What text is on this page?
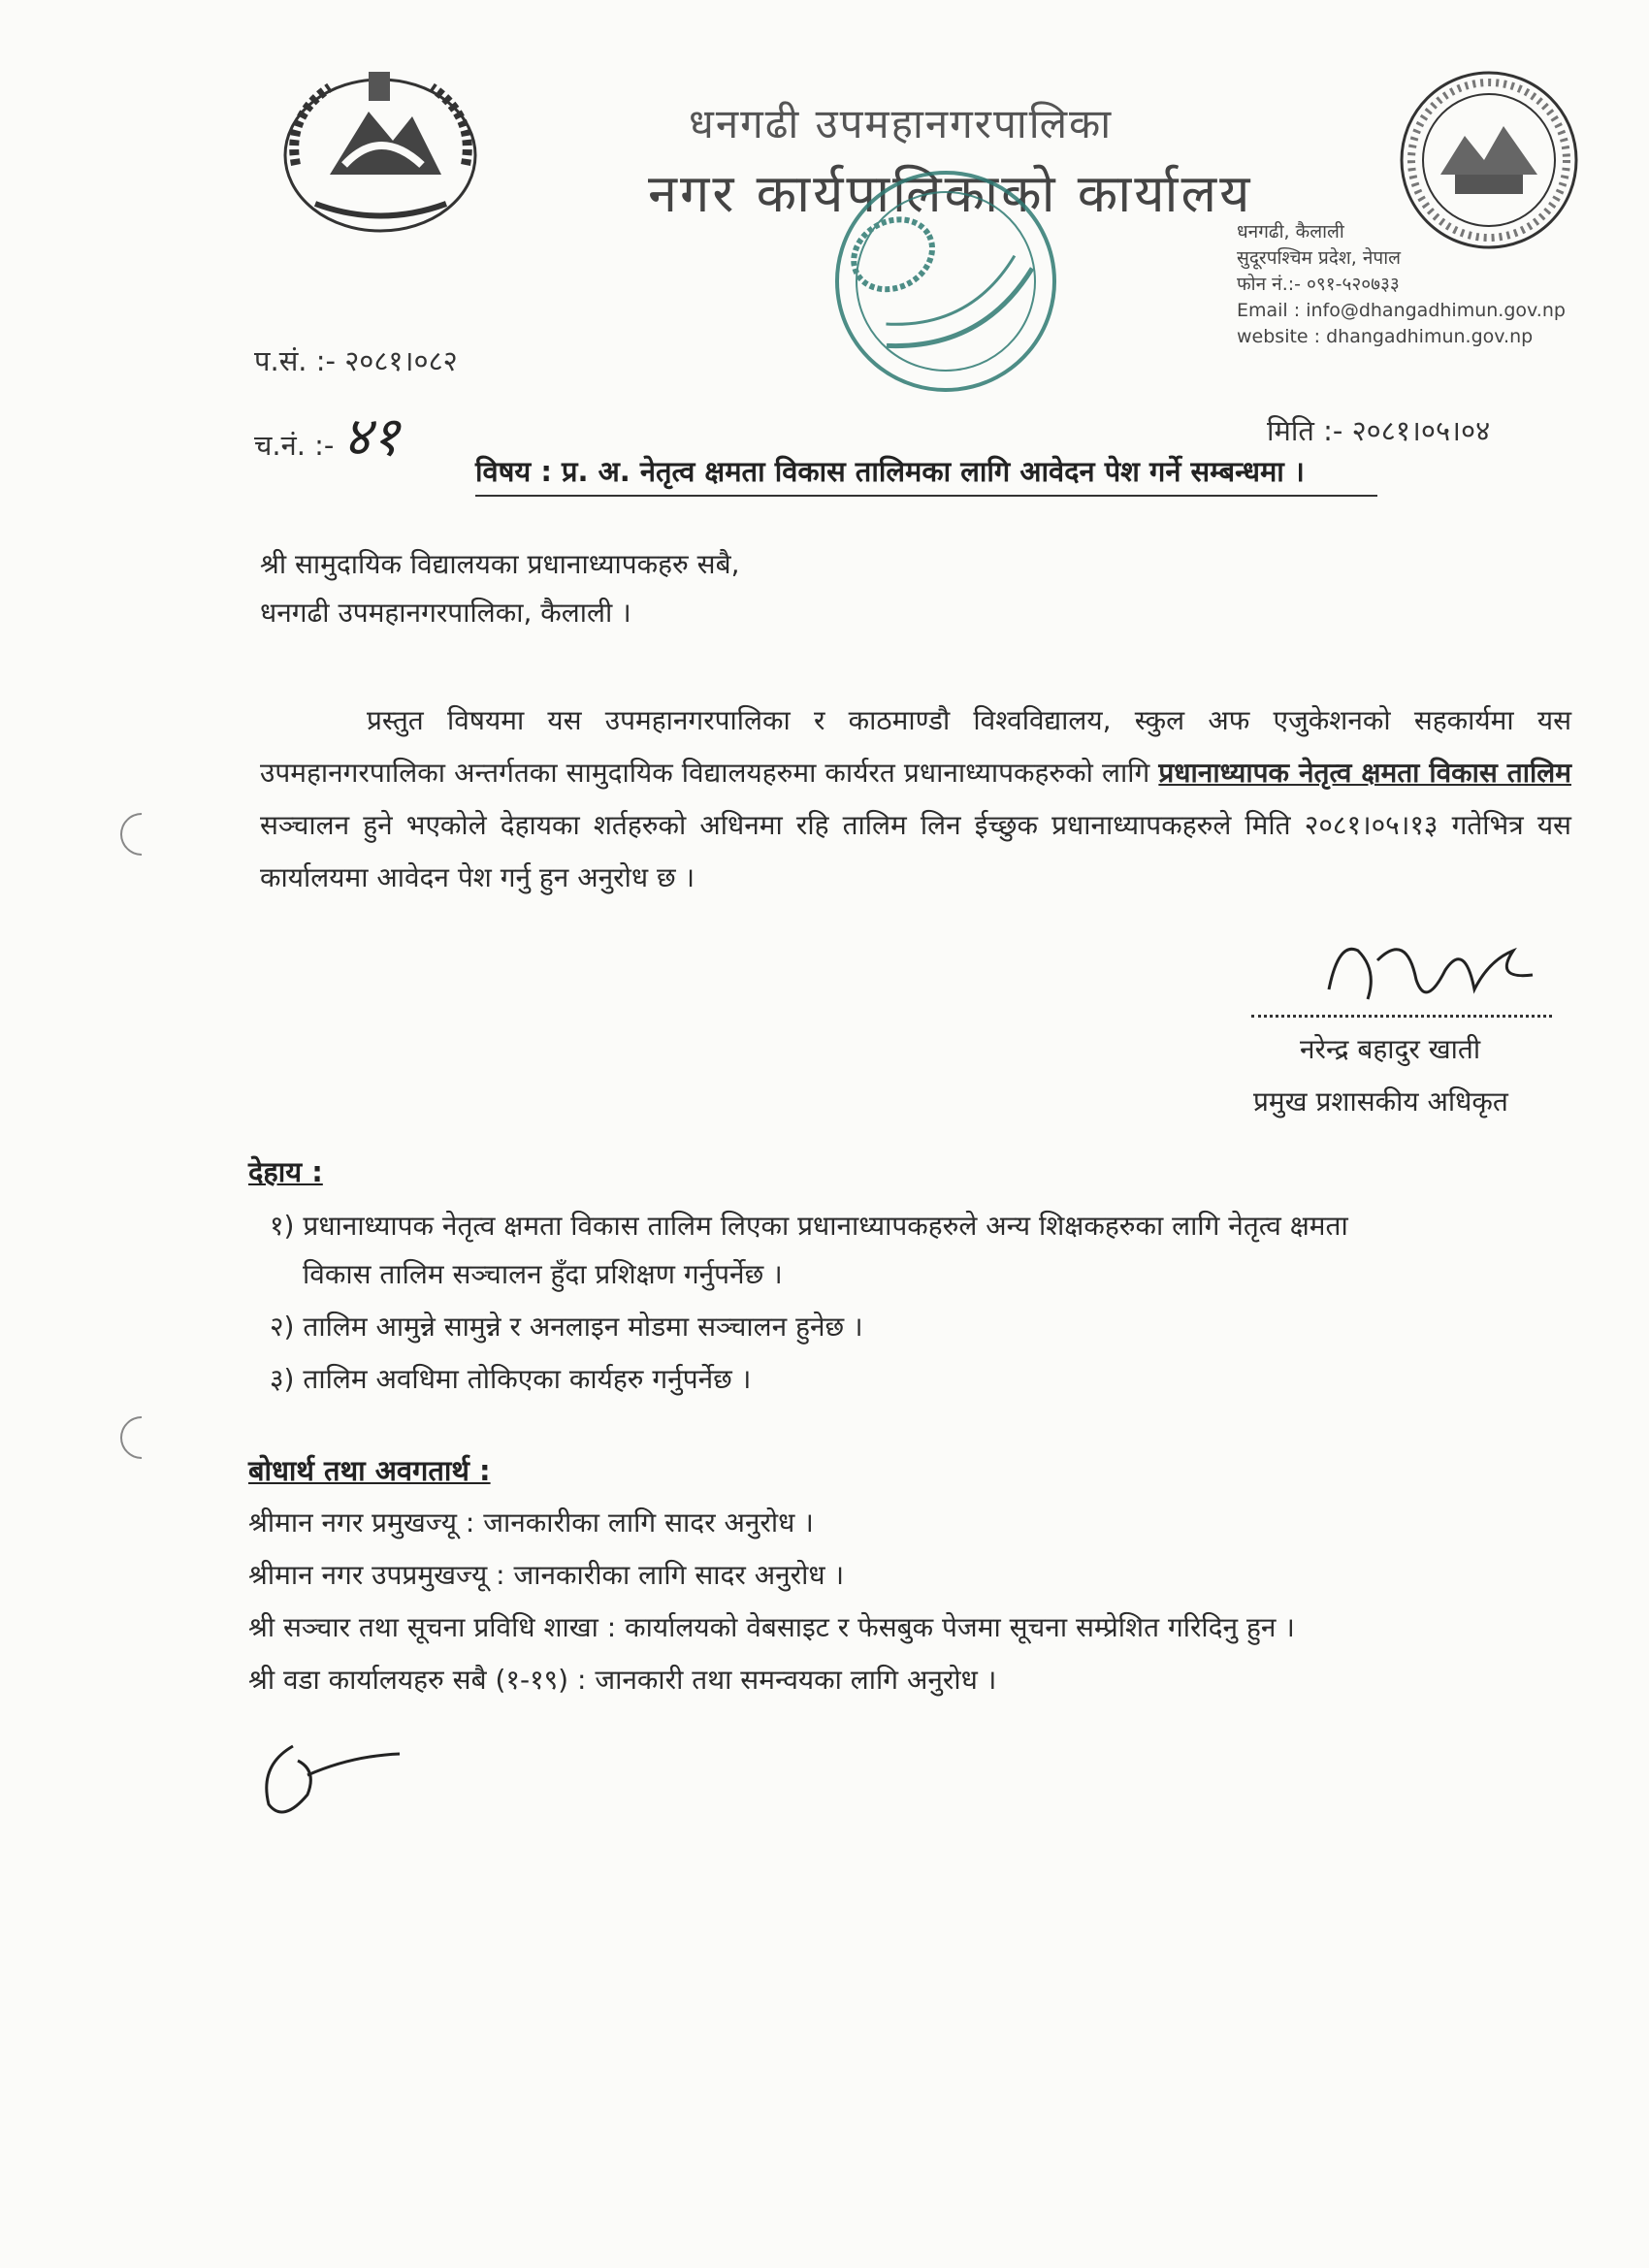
धनगढी उपमहानगरपालिका
नगर कार्यपालिकाको कार्यालय
धनगढी, कैलाली
सुदूरपश्चिम प्रदेश, नेपाल
फोन नं.:- ०९१-५२०७३३
Email : info@dhangadhimun.gov.np
website : dhangadhimun.gov.np
प.सं. :- २०८१।०८२
च.नं. :- ४१	मिति :- २०८१।०५।०४
विषय : प्र. अ. नेतृत्व क्षमता विकास तालिमका लागि आवेदन पेश गर्ने सम्बन्धमा ।
श्री सामुदायिक विद्यालयका प्रधानाध्यापकहरु सबै,
धनगढी उपमहानगरपालिका, कैलाली ।
प्रस्तुत विषयमा यस उपमहानगरपालिका र काठमाण्डौ विश्वविद्यालय, स्कुल अफ एजुकेशनको सहकार्यमा यस उपमहानगरपालिका अन्तर्गतका सामुदायिक विद्यालयहरुमा कार्यरत प्रधानाध्यापकहरुको लागि प्रधानाध्यापक नेतृत्व क्षमता विकास तालिम सञ्चालन हुने भएकोले देहायका शर्तहरुको अधिनमा रहि तालिम लिन ईच्छुक प्रधानाध्यापकहरुले मिति २०८१।०५।१३ गतेभित्र यस कार्यालयमा आवेदन पेश गर्नु हुन अनुरोध छ ।
नरेन्द्र बहादुर खाती
प्रमुख प्रशासकीय अधिकृत
देहाय :
१) प्रधानाध्यापक नेतृत्व क्षमता विकास तालिम लिएका प्रधानाध्यापकहरुले अन्य शिक्षकहरुका लागि नेतृत्व क्षमता
विकास तालिम सञ्चालन हुँदा प्रशिक्षण गर्नुपर्नेछ ।
२) तालिम आमुन्ने सामुन्ने र अनलाइन मोडमा सञ्चालन हुनेछ ।
३) तालिम अवधिमा तोकिएका कार्यहरु गर्नुपर्नेछ ।
बोधार्थ तथा अवगतार्थ :
श्रीमान नगर प्रमुखज्यू : जानकारीका लागि सादर अनुरोध ।
श्रीमान नगर उपप्रमुखज्यू : जानकारीका लागि सादर अनुरोध ।
श्री सञ्चार तथा सूचना प्रविधि शाखा : कार्यालयको वेबसाइट र फेसबुक पेजमा सूचना सम्प्रेशित गरिदिनु हुन ।
श्री वडा कार्यालयहरु सबै (१-१९) : जानकारी तथा समन्वयका लागि अनुरोध ।
